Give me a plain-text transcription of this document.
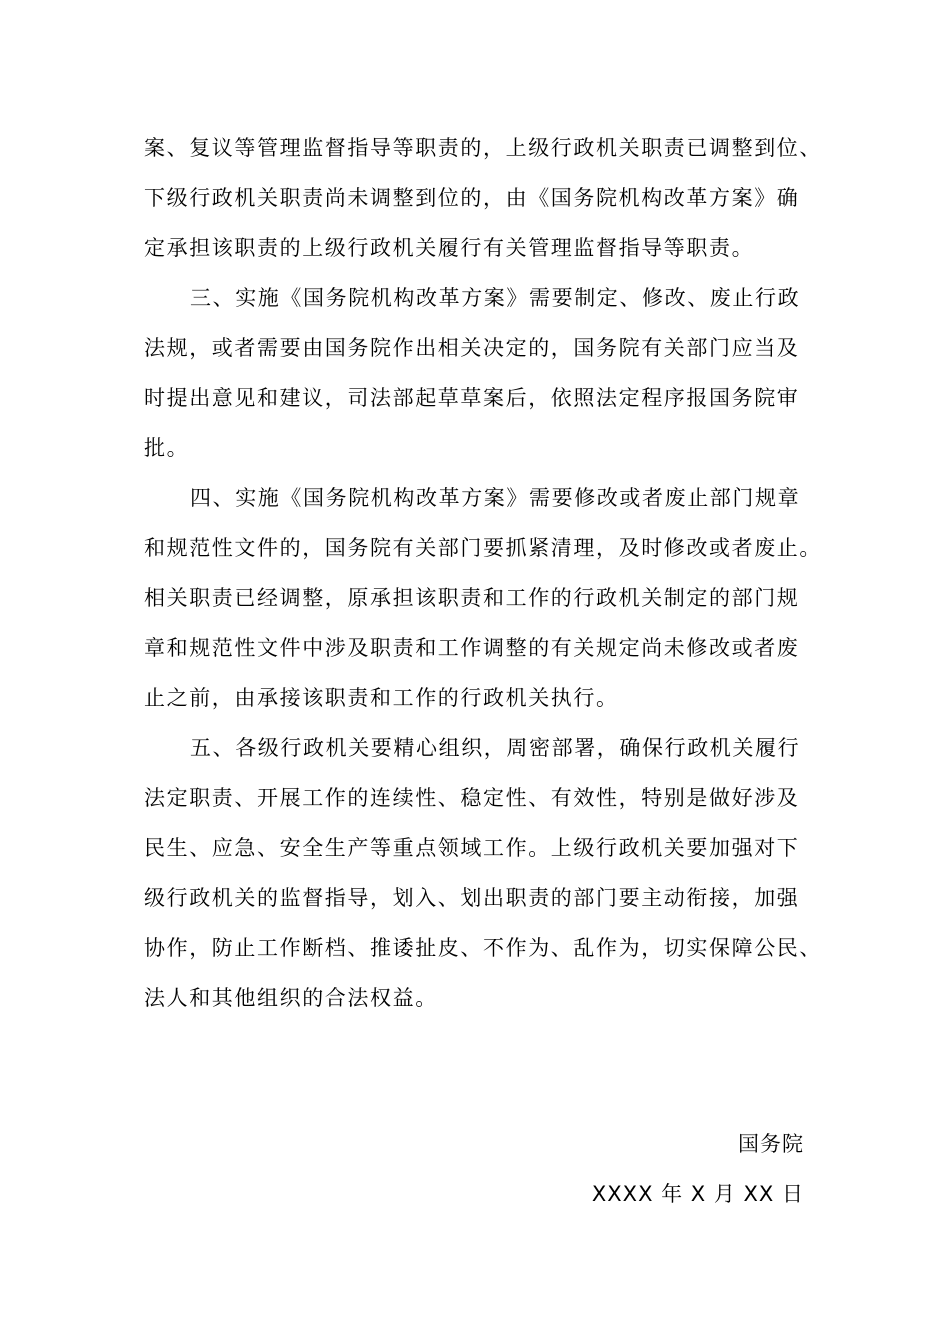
案、复议等管理监督指导等职责的，上级行政机关职责已调整到位、
下级行政机关职责尚未调整到位的，由《国务院机构改革方案》确
定承担该职责的上级行政机关履行有关管理监督指导等职责。
三、实施《国务院机构改革方案》需要制定、修改、废止行政
法规，或者需要由国务院作出相关决定的，国务院有关部门应当及
时提出意见和建议，司法部起草草案后，依照法定程序报国务院审
批。
四、实施《国务院机构改革方案》需要修改或者废止部门规章
和规范性文件的，国务院有关部门要抓紧清理，及时修改或者废止。
相关职责已经调整，原承担该职责和工作的行政机关制定的部门规
章和规范性文件中涉及职责和工作调整的有关规定尚未修改或者废
止之前，由承接该职责和工作的行政机关执行。
五、各级行政机关要精心组织，周密部署，确保行政机关履行
法定职责、开展工作的连续性、稳定性、有效性，特别是做好涉及
民生、应急、安全生产等重点领域工作。上级行政机关要加强对下
级行政机关的监督指导，划入、划出职责的部门要主动衔接，加强
协作，防止工作断档、推诿扯皮、不作为、乱作为，切实保障公民、
法人和其他组织的合法权益。
国务院
XXXX 年 X 月 XX 日
